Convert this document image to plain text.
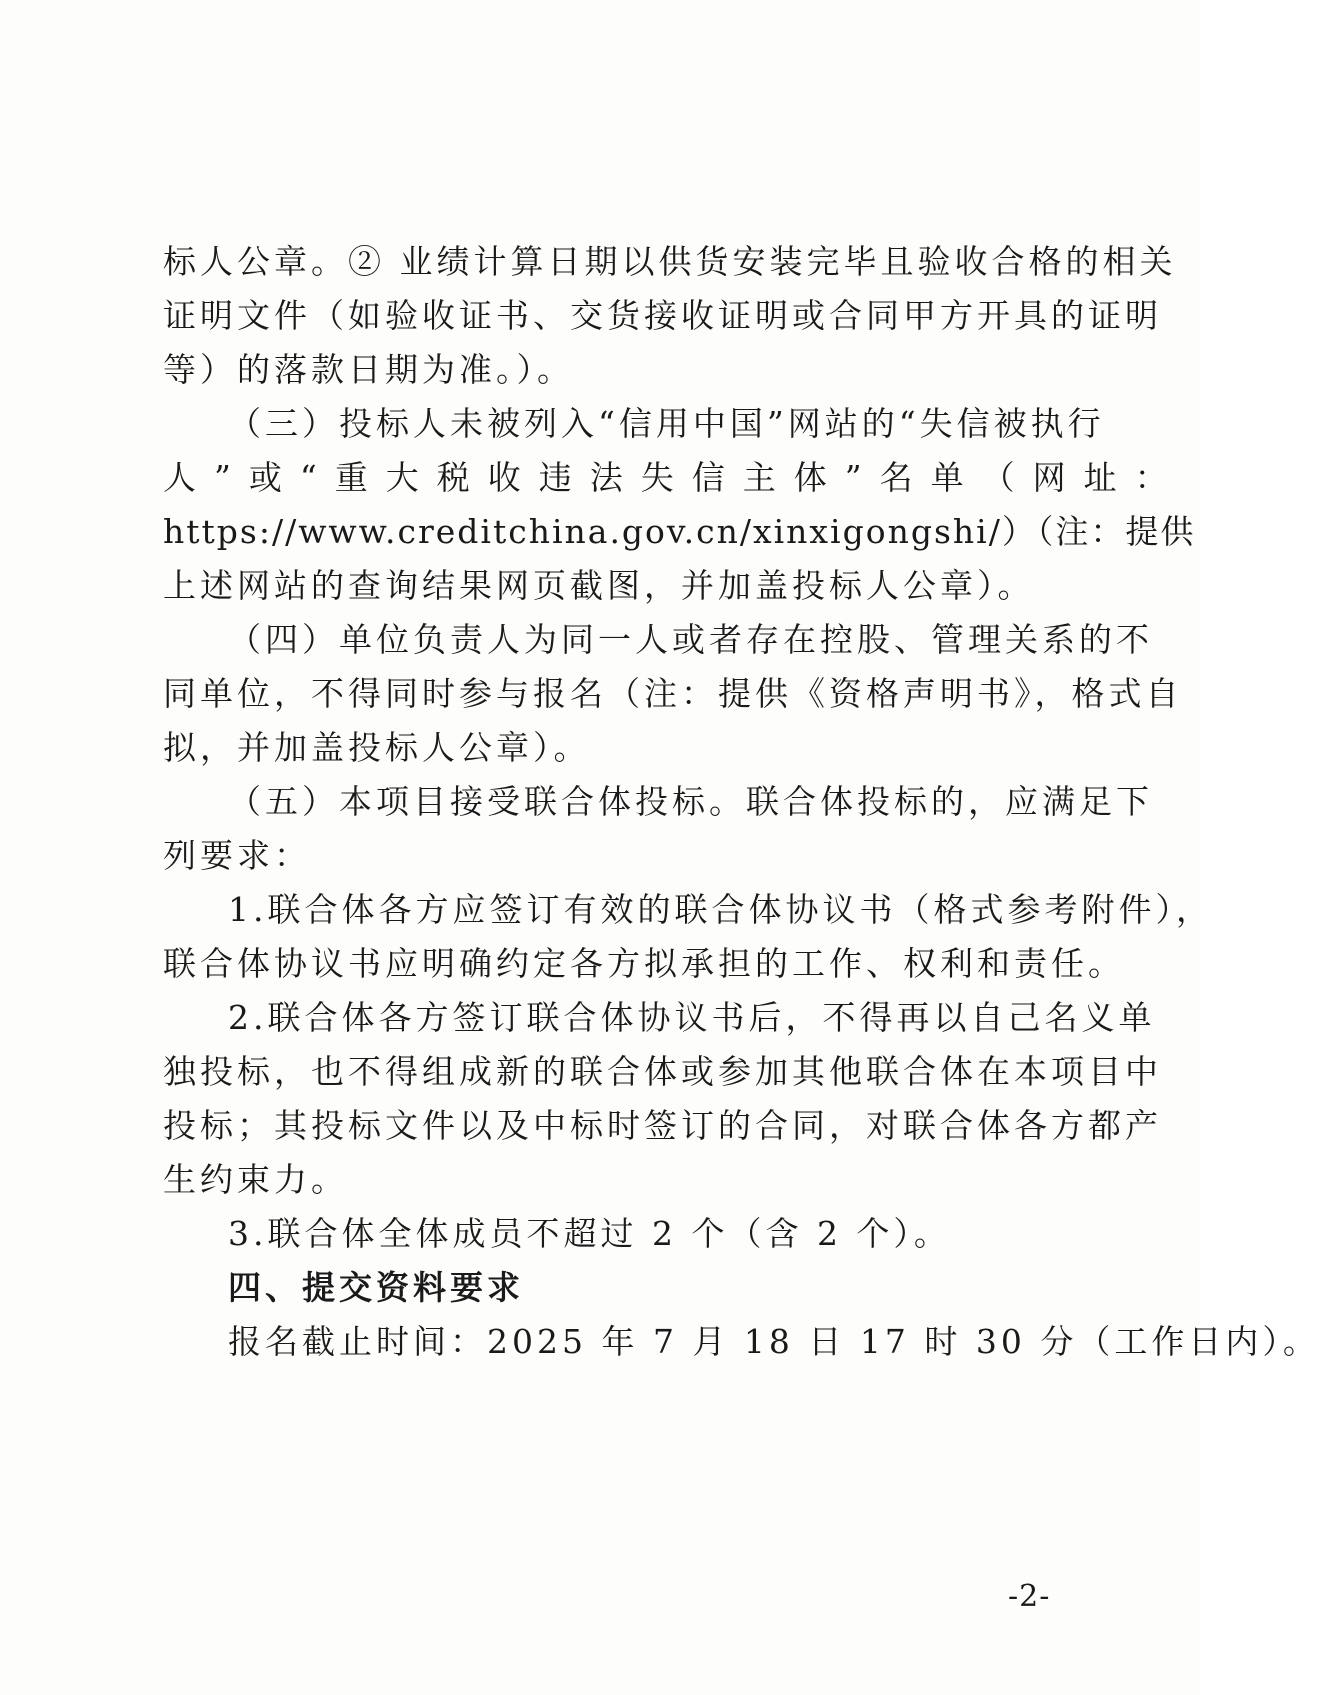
标人公章。② 业绩计算日期以供货安装完毕且验收合格的相关
证明文件（如验收证书、交货接收证明或合同甲方开具的证明
等）的落款日期为准。）。
（三）投标人未被列入“信用中国”网站的“失信被执行
人”或“重大税收违法失信主体”名单（网址：
https://www.creditchina.gov.cn/xinxigongshi/）（注：提供
上述网站的查询结果网页截图，并加盖投标人公章）。
（四）单位负责人为同一人或者存在控股、管理关系的不
同单位，不得同时参与报名（注：提供《资格声明书》，格式自
拟，并加盖投标人公章）。
（五）本项目接受联合体投标。联合体投标的，应满足下
列要求：
1.联合体各方应签订有效的联合体协议书（格式参考附件），
联合体协议书应明确约定各方拟承担的工作、权利和责任。
2.联合体各方签订联合体协议书后，不得再以自己名义单
独投标，也不得组成新的联合体或参加其他联合体在本项目中
投标；其投标文件以及中标时签订的合同，对联合体各方都产
生约束力。
3.联合体全体成员不超过 2 个（含 2 个）。
四、提交资料要求
报名截止时间：2025 年 7 月 18 日 17 时 30 分（工作日内）。
-2-
